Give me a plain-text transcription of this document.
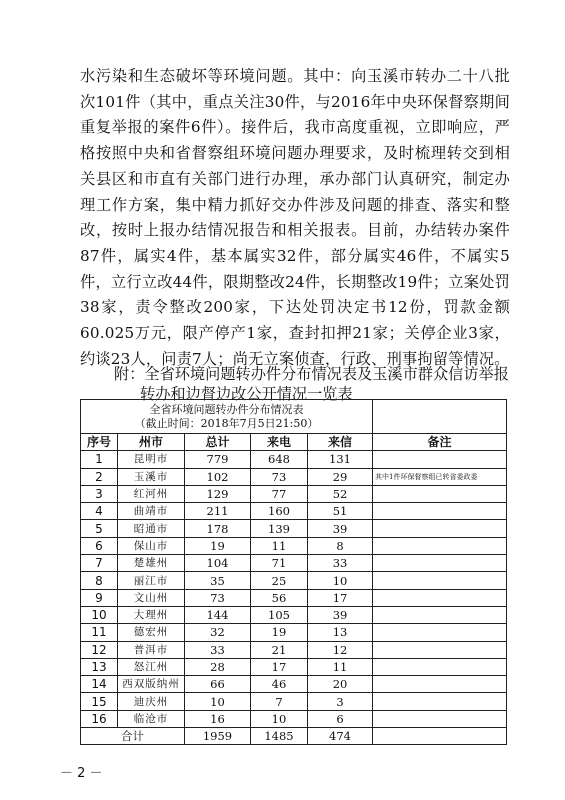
水污染和生态破坏等环境问题。其中：向玉溪市转办二十八批次101件（其中，重点关注30件，与2016年中央环保督察期间重复举报的案件6件）。接件后，我市高度重视，立即响应，严格按照中央和省督察组环境问题办理要求，及时梳理转交到相关县区和市直有关部门进行办理，承办部门认真研究，制定办理工作方案，集中精力抓好交办件涉及问题的排查、落实和整改，按时上报办结情况报告和相关报表。目前，办结转办案件87件，属实4件，基本属实32件，部分属实46件，不属实5件，立行立改44件，限期整改24件，长期整改19件；立案处罚38家，责令整改200家，下达处罚决定书12份，罚款金额60.025万元，限产停产1家，查封扣押21家；关停企业3家，约谈23人，问责7人；尚无立案侦查，行政、刑事拘留等情况。

附：全省环境问题转办件分布情况表及玉溪市群众信访举报
转办和边督边改公开情况一览表
全省环境问题转办件分布情况表
（截止时间：2018年7月5日21:50）					

序号	州市	总计	来电	来信	备注
1	昆明市	779	648	131	
2	玉溪市	102	73	29	其中1件环保督察组已转省委政委
3	红河州	129	77	52	
4	曲靖市	211	160	51	
5	昭通市	178	139	39	
6	保山市	19	11	8	
7	楚雄州	104	71	33	
8	丽江市	35	25	10	
9	文山州	73	56	17	
10	大理州	144	105	39	
11	德宏州	32	19	13	
12	普洱市	33	21	12	
13	怒江州	28	17	11	
14	西双版纳州	66	46	20	
15	迪庆州	10	7	3	
16	临沧市	16	10	6	
合计		1959	1485	474	
－ 2 －
